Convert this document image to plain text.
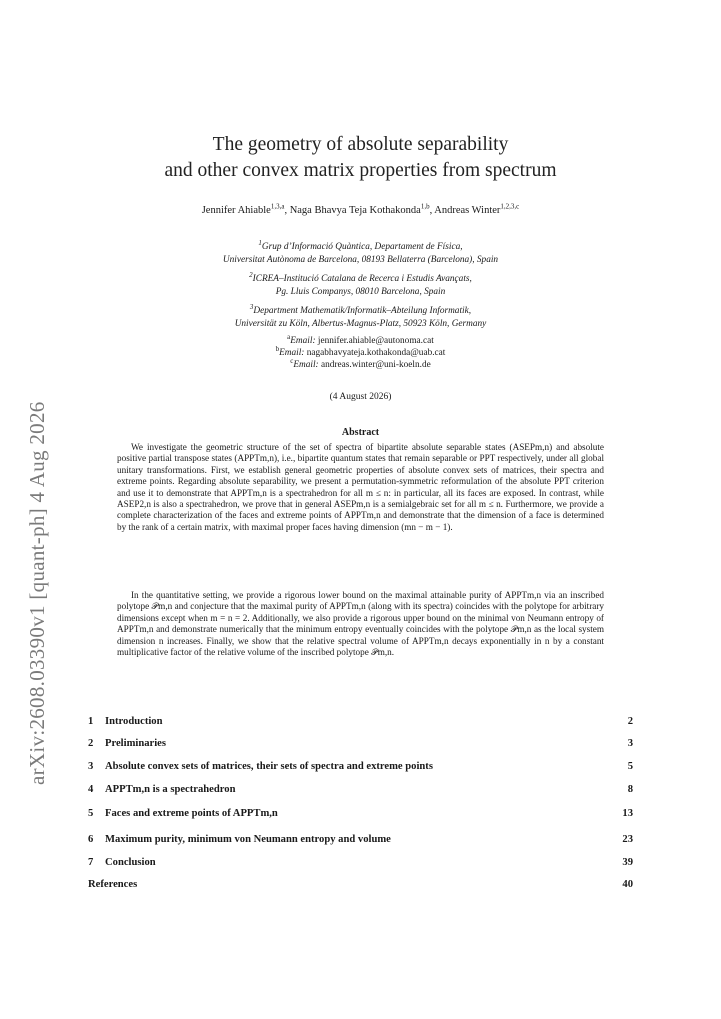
arXiv:2608.03390v1 [quant-ph] 4 Aug 2026
The geometry of absolute separability
and other convex matrix properties from spectrum
Jennifer Ahiable$^{1,3,a}$, Naga Bhavya Teja Kothakonda$^{1,b}$, Andreas Winter$^{1,2,3,c}$
$^1$Grup d’Informació Quàntica, Departament de Física,
Universitat Autònoma de Barcelona, 08193 Bellaterra (Barcelona), Spain
$^2$ICREA–Institució Catalana de Recerca i Estudis Avançats,
Pg. Lluis Companys, 08010 Barcelona, Spain
$^3$Department Mathematik/Informatik–Abteilung Informatik,
Universität zu Köln, Albertus-Magnus-Platz, 50923 Köln, Germany
$^a$Email: jennifer.ahiable@autonoma.cat
$^b$Email: nagabhavyateja.kothakonda@uab.cat
$^c$Email: andreas.winter@uni-koeln.de
(4 August 2026)
Abstract
We investigate the geometric structure of the set of spectra of bipartite absolute separable states (ASEPm,n) and absolute positive partial transpose states (APPTm,n), i.e., bipartite quantum states that remain separable or PPT respectively, under all global unitary transformations. First, we establish general geometric properties of absolute convex sets of matrices, their spectra and extreme points. Regarding absolute separability, we present a permutation-symmetric reformulation of the absolute PPT criterion and use it to demonstrate that APPTm,n is a spectrahedron for all m ≤ n: in particular, all its faces are exposed. In contrast, while ASEP2,n is also a spectrahedron, we prove that in general ASEPm,n is a semialgebraic set for all m ≤ n. Furthermore, we provide a complete characterization of the faces and extreme points of APPTm,n and demonstrate that the dimension of a face is determined by the rank of a certain matrix, with maximal proper faces having dimension (mn − m − 1).
In the quantitative setting, we provide a rigorous lower bound on the maximal attainable purity of APPTm,n via an inscribed polytope 𝒫m,n and conjecture that the maximal purity of APPTm,n (along with its spectra) coincides with the polytope for arbitrary dimensions except when m = n = 2. Additionally, we also provide a rigorous upper bound on the minimal von Neumann entropy of APPTm,n and demonstrate numerically that the minimum entropy eventually coincides with the polytope 𝒫m,n as the local system dimension n increases. Finally, we show that the relative spectral volume of APPTm,n decays exponentially in n by a constant multiplicative factor of the relative volume of the inscribed polytope 𝒫m,n.
1 Introduction	2
2 Preliminaries	3
3 Absolute convex sets of matrices, their sets of spectra and extreme points	5
4 APPTm,n is a spectrahedron	8
5 Faces and extreme points of APPTm,n	13
6 Maximum purity, minimum von Neumann entropy and volume	23
7 Conclusion	39
References	40
